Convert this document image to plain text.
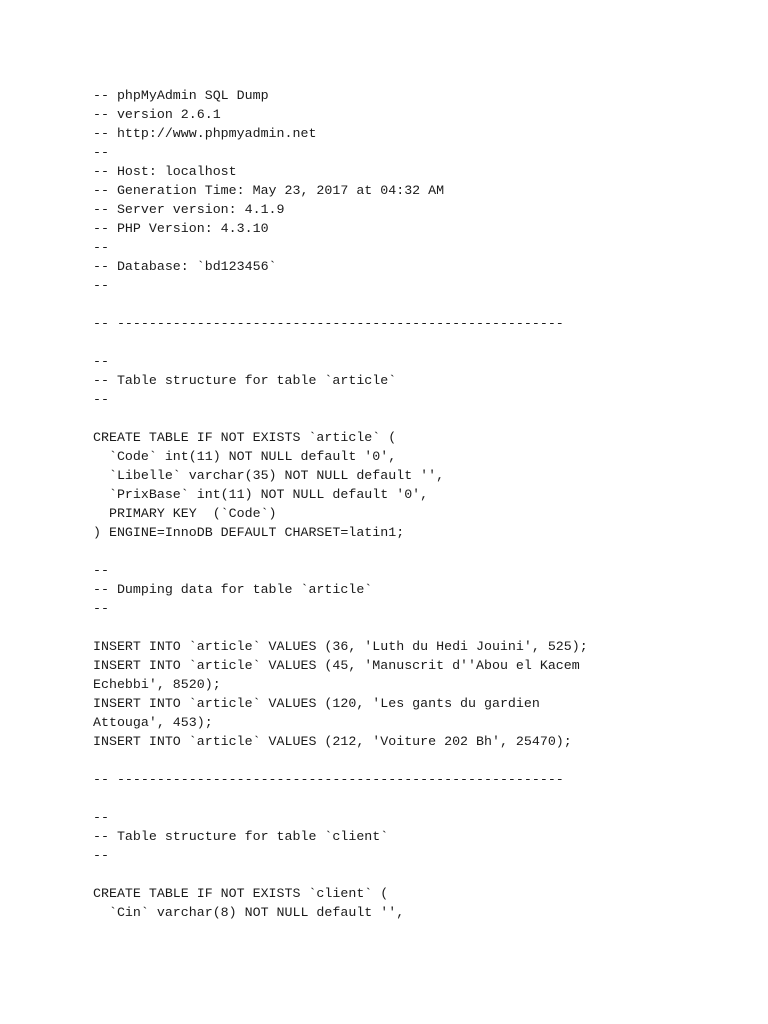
-- phpMyAdmin SQL Dump
-- version 2.6.1
-- http://www.phpmyadmin.net
--
-- Host: localhost
-- Generation Time: May 23, 2017 at 04:32 AM
-- Server version: 4.1.9
-- PHP Version: 4.3.10
--
-- Database: `bd123456`
--
-- --------------------------------------------------------
--
-- Table structure for table `article`
--
CREATE TABLE IF NOT EXISTS `article` (
`Code` int(11) NOT NULL default '0',
`Libelle` varchar(35) NOT NULL default '',
`PrixBase` int(11) NOT NULL default '0',
PRIMARY KEY  (`Code`)
) ENGINE=InnoDB DEFAULT CHARSET=latin1;
--
-- Dumping data for table `article`
--
INSERT INTO `article` VALUES (36, 'Luth du Hedi Jouini', 525);
INSERT INTO `article` VALUES (45, 'Manuscrit d''Abou el Kacem
Echebbi', 8520);
INSERT INTO `article` VALUES (120, 'Les gants du gardien
Attouga', 453);
INSERT INTO `article` VALUES (212, 'Voiture 202 Bh', 25470);
-- --------------------------------------------------------
--
-- Table structure for table `client`
--
CREATE TABLE IF NOT EXISTS `client` (
`Cin` varchar(8) NOT NULL default '',
